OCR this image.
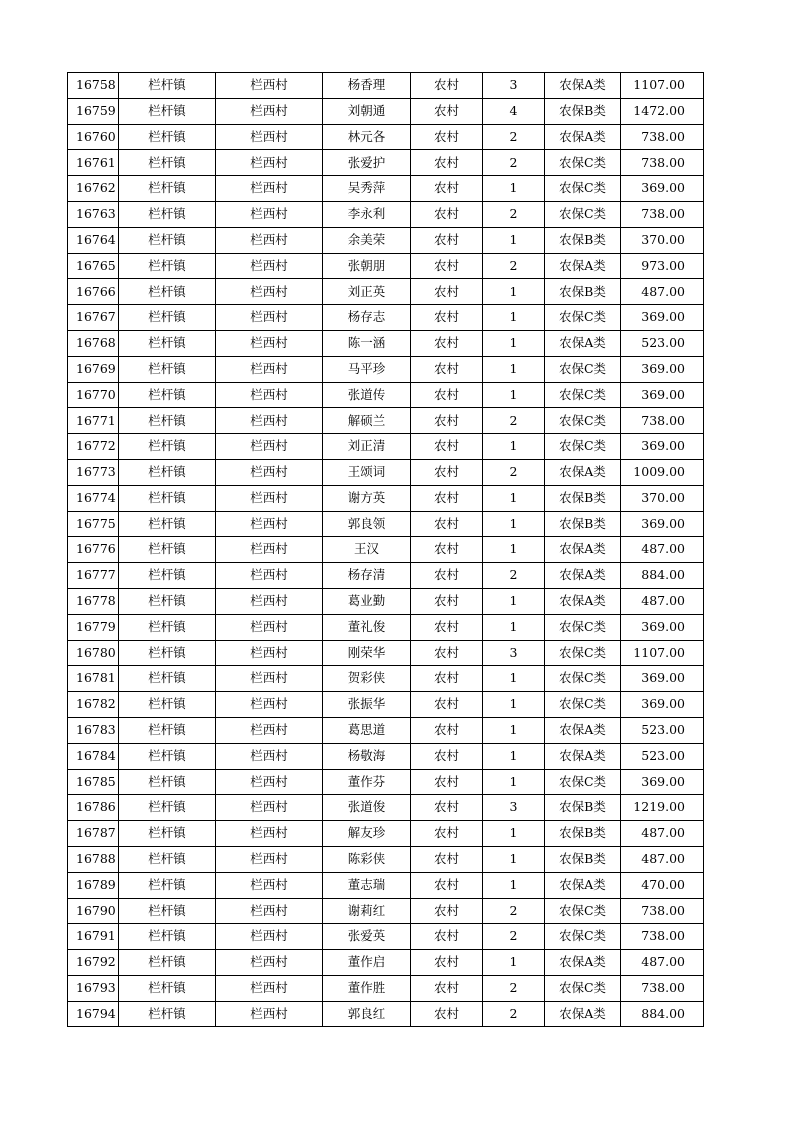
16758	栏杆镇	栏西村	杨香理	农村	3	农保A类	1107.00
16759	栏杆镇	栏西村	刘朝通	农村	4	农保B类	1472.00
16760	栏杆镇	栏西村	林元各	农村	2	农保A类	738.00
16761	栏杆镇	栏西村	张爱护	农村	2	农保C类	738.00
16762	栏杆镇	栏西村	吴秀萍	农村	1	农保C类	369.00
16763	栏杆镇	栏西村	李永利	农村	2	农保C类	738.00
16764	栏杆镇	栏西村	余美荣	农村	1	农保B类	370.00
16765	栏杆镇	栏西村	张朝朋	农村	2	农保A类	973.00
16766	栏杆镇	栏西村	刘正英	农村	1	农保B类	487.00
16767	栏杆镇	栏西村	杨存志	农村	1	农保C类	369.00
16768	栏杆镇	栏西村	陈一涵	农村	1	农保A类	523.00
16769	栏杆镇	栏西村	马平珍	农村	1	农保C类	369.00
16770	栏杆镇	栏西村	张道传	农村	1	农保C类	369.00
16771	栏杆镇	栏西村	解硕兰	农村	2	农保C类	738.00
16772	栏杆镇	栏西村	刘正清	农村	1	农保C类	369.00
16773	栏杆镇	栏西村	王颂词	农村	2	农保A类	1009.00
16774	栏杆镇	栏西村	谢方英	农村	1	农保B类	370.00
16775	栏杆镇	栏西村	郭良领	农村	1	农保B类	369.00
16776	栏杆镇	栏西村	王汉	农村	1	农保A类	487.00
16777	栏杆镇	栏西村	杨存清	农村	2	农保A类	884.00
16778	栏杆镇	栏西村	葛业勤	农村	1	农保A类	487.00
16779	栏杆镇	栏西村	董礼俊	农村	1	农保C类	369.00
16780	栏杆镇	栏西村	刚荣华	农村	3	农保C类	1107.00
16781	栏杆镇	栏西村	贺彩侠	农村	1	农保C类	369.00
16782	栏杆镇	栏西村	张振华	农村	1	农保C类	369.00
16783	栏杆镇	栏西村	葛思道	农村	1	农保A类	523.00
16784	栏杆镇	栏西村	杨敬海	农村	1	农保A类	523.00
16785	栏杆镇	栏西村	董作芬	农村	1	农保C类	369.00
16786	栏杆镇	栏西村	张道俊	农村	3	农保B类	1219.00
16787	栏杆镇	栏西村	解友珍	农村	1	农保B类	487.00
16788	栏杆镇	栏西村	陈彩侠	农村	1	农保B类	487.00
16789	栏杆镇	栏西村	董志瑞	农村	1	农保A类	470.00
16790	栏杆镇	栏西村	谢莉红	农村	2	农保C类	738.00
16791	栏杆镇	栏西村	张爱英	农村	2	农保C类	738.00
16792	栏杆镇	栏西村	董作启	农村	1	农保A类	487.00
16793	栏杆镇	栏西村	董作胜	农村	2	农保C类	738.00
16794	栏杆镇	栏西村	郭良红	农村	2	农保A类	884.00
